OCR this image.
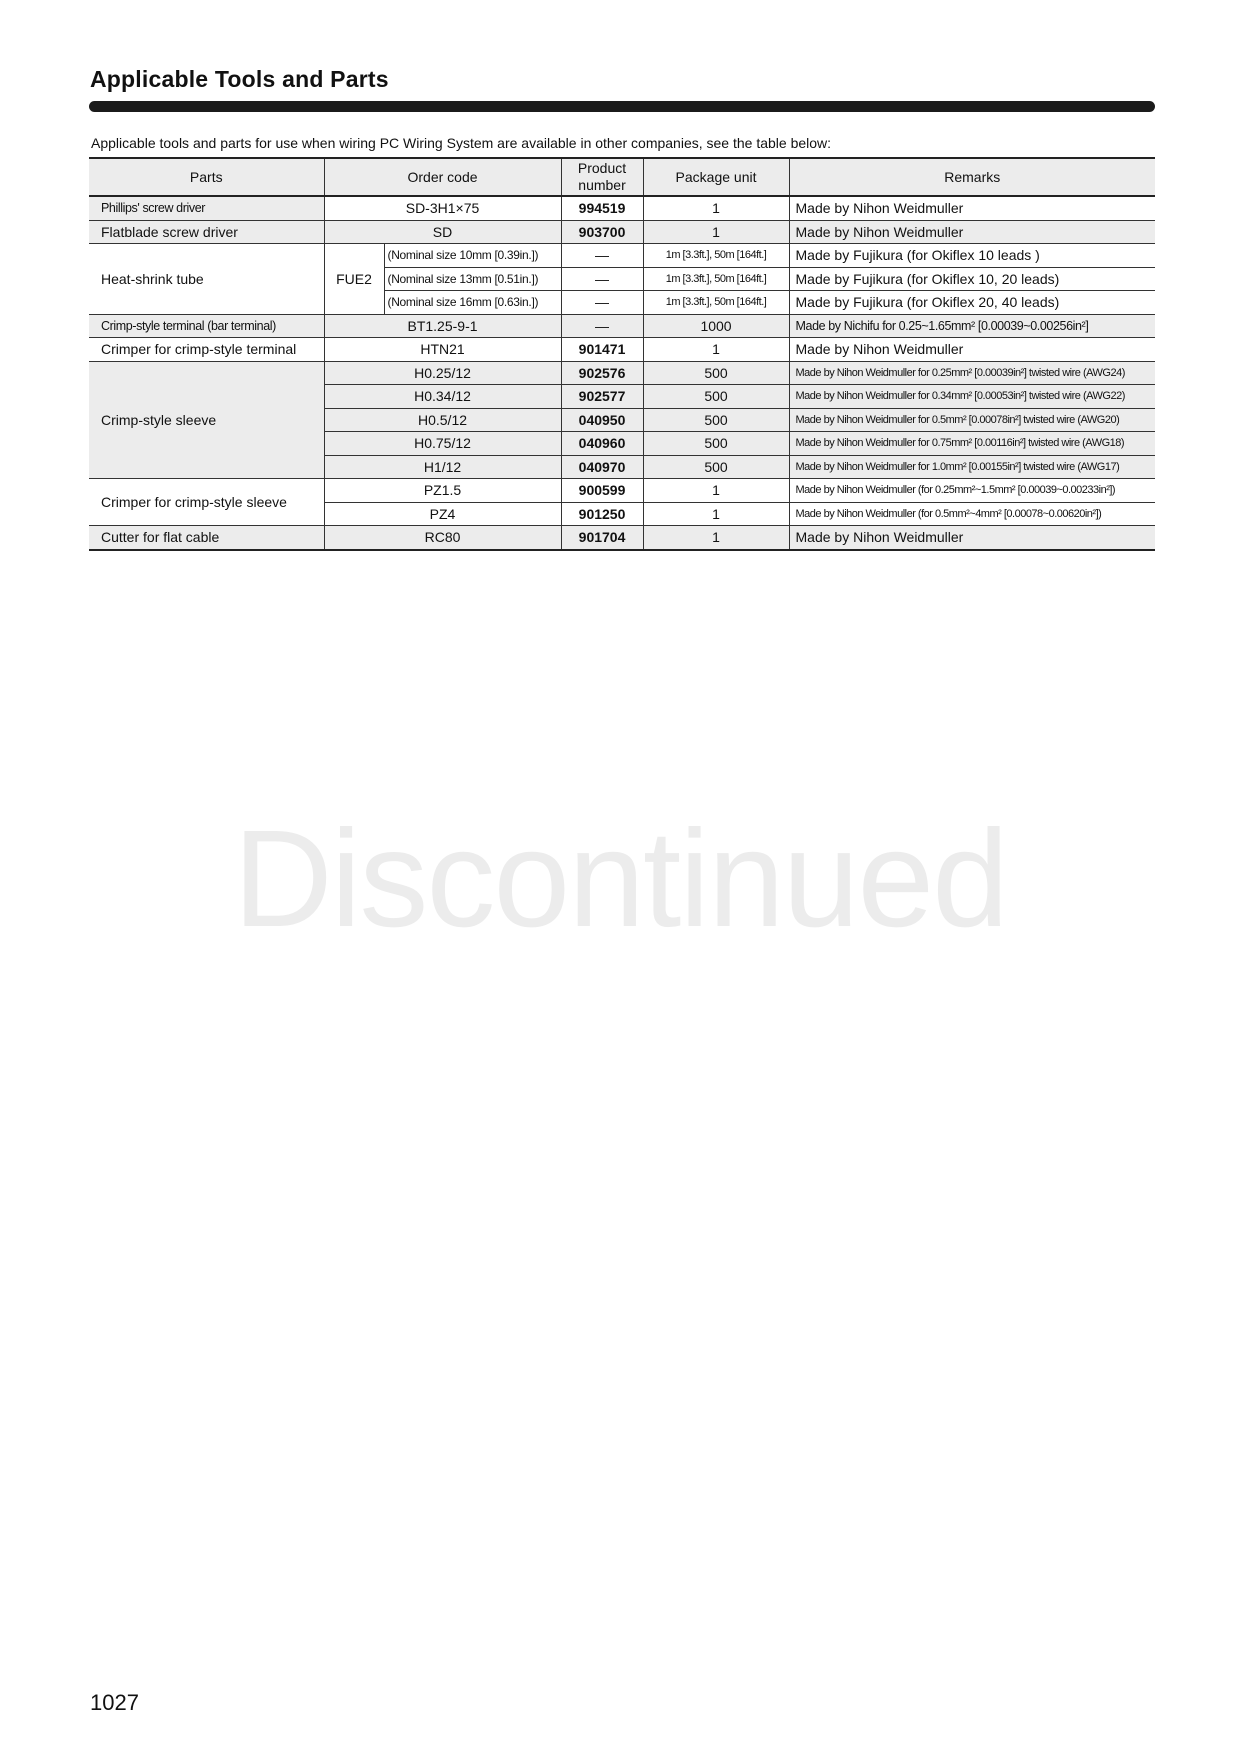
Applicable Tools and Parts
Applicable tools and parts for use when wiring PC Wiring System are available in other companies, see the table below:
Parts	Order code		Product number	Package unit	Remarks
Phillips' screw driver	SD-3H1×75		994519	1	Made by Nihon Weidmuller
Flatblade screw driver	SD		903700	1	Made by Nihon Weidmuller
Heat-shrink tube	FUE2	(Nominal size 10mm [0.39in.])	—	1m [3.3ft.], 50m [164ft.]	Made by Fujikura (for Okiflex 10 leads )
		(Nominal size 13mm [0.51in.])	—	1m [3.3ft.], 50m [164ft.]	Made by Fujikura (for Okiflex 10, 20 leads)
		(Nominal size 16mm [0.63in.])	—	1m [3.3ft.], 50m [164ft.]	Made by Fujikura (for Okiflex 20, 40 leads)
Crimp-style terminal (bar terminal)	BT1.25-9-1		—	1000	Made by Nichifu for 0.25~1.65mm² [0.00039~0.00256in²]
Crimper for crimp-style terminal	HTN21		901471	1	Made by Nihon Weidmuller
Crimp-style sleeve	H0.25/12		902576	500	Made by Nihon Weidmuller for 0.25mm² [0.00039in²] twisted wire (AWG24)
	H0.34/12		902577	500	Made by Nihon Weidmuller for 0.34mm² [0.00053in²] twisted wire (AWG22)
	H0.5/12		040950	500	Made by Nihon Weidmuller for 0.5mm² [0.00078in²] twisted wire (AWG20)
	H0.75/12		040960	500	Made by Nihon Weidmuller for 0.75mm² [0.00116in²] twisted wire (AWG18)
	H1/12		040970	500	Made by Nihon Weidmuller for 1.0mm² [0.00155in²] twisted wire (AWG17)
Crimper for crimp-style sleeve	PZ1.5		900599	1	Made by Nihon Weidmuller (for 0.25mm²~1.5mm² [0.00039~0.00233in²])
	PZ4		901250	1	Made by Nihon Weidmuller (for 0.5mm²~4mm² [0.00078~0.00620in²])
Cutter for flat cable	RC80		901704	1	Made by Nihon Weidmuller
Discontinued
1027
